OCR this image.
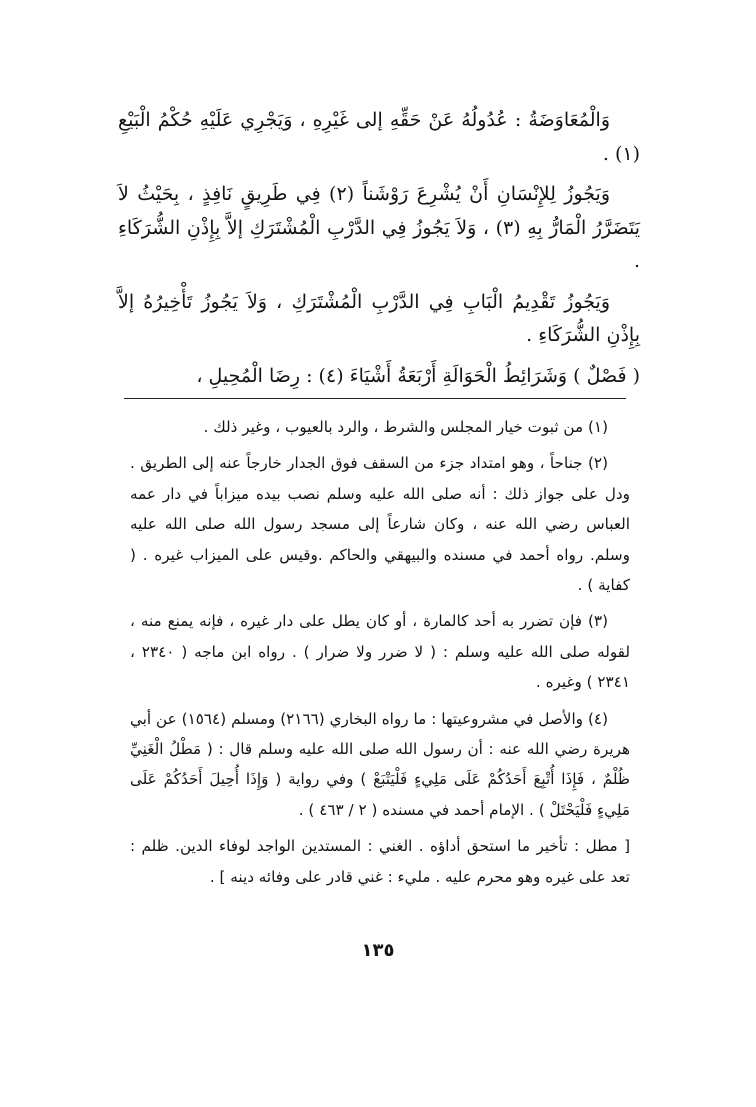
وَالْمُعَاوَضَةُ : عُدُولُهُ عَنْ حَقِّهِ إلى غَيْرِهِ ، وَيَجْرِي عَلَيْهِ حُكْمُ الْبَيْعِ (١) .

وَيَجُوزُ لِلإِنْسَانِ أَنْ يُشْرِعَ رَوْشَناً (٢) فِي طَرِيقٍ نَافِذٍ ، بِحَيْثُ لاَ يَتَضَرَّرُ الْمَارُّ بِهِ (٣) ، وَلاَ يَجُوزُ فِي الدَّرْبِ الْمُشْتَرَكِ إلاَّ بِإِذْنِ الشُّرَكَاءِ .

وَيَجُوزُ تَقْدِيمُ الْبَابِ فِي الدَّرْبِ الْمُشْتَرَكِ ، وَلاَ يَجُوزُ تَأْخِيرُهُ إلاَّ بِإِذْنِ الشُّرَكَاءِ .

( فَصْلٌ ) وَشَرَائِطُ الْحَوَالَةِ أَرْبَعَةُ أَشْيَاءَ (٤) : رِضَا الْمُحِيلِ ،

(١) من ثبوت خيار المجلس والشرط ، والرد بالعيوب ، وغير ذلك .

(٢) جناحاً ، وهو امتداد جزء من السقف فوق الجدار خارجاً عنه إلى الطريق . ودل على جواز ذلك : أنه صلى الله عليه وسلم نصب بيده ميزاباً في دار عمه العباس رضي الله عنه ، وكان شارعاً إلى مسجد رسول الله صلى الله عليه وسلم. رواه أحمد في مسنده والبيهقي والحاكم .وقيس على الميزاب غيره . ( كفاية ) .

(٣) فإن تضرر به أحد كالمارة ، أو كان يطل على دار غيره ، فإنه يمنع منه ، لقوله صلى الله عليه وسلم : ( لا ضرر ولا ضرار ) . رواه ابن ماجه ( ٢٣٤٠ ، ٢٣٤١ ) وغيره .

(٤) والأصل في مشروعيتها : ما رواه البخاري (٢١٦٦) ومسلم (١٥٦٤) عن أبي هريرة رضي الله عنه : أن رسول الله صلى الله عليه وسلم قال : ( مَطْلُ الْغَنِيِّ ظُلْمٌ ، فَإِذَا أُتْبِعَ أَحَدُكُمْ عَلَى مَلِيءٍ فَلْيَتْبَعْ ) وفي رواية ( وَإِذَا أُحِيلَ أَحَدُكُمْ عَلَى مَلِيءٍ فَلْيَحْتَلْ ) . الإمام أحمد في مسنده ( ٢ / ٤٦٣ ) .

[ مطل : تأخير ما استحق أداؤه . الغني : المستدين الواجد لوفاء الدين. ظلم : تعد على غيره وهو محرم عليه . مليء : غني قادر على وفائه دينه ] .

١٣٥
